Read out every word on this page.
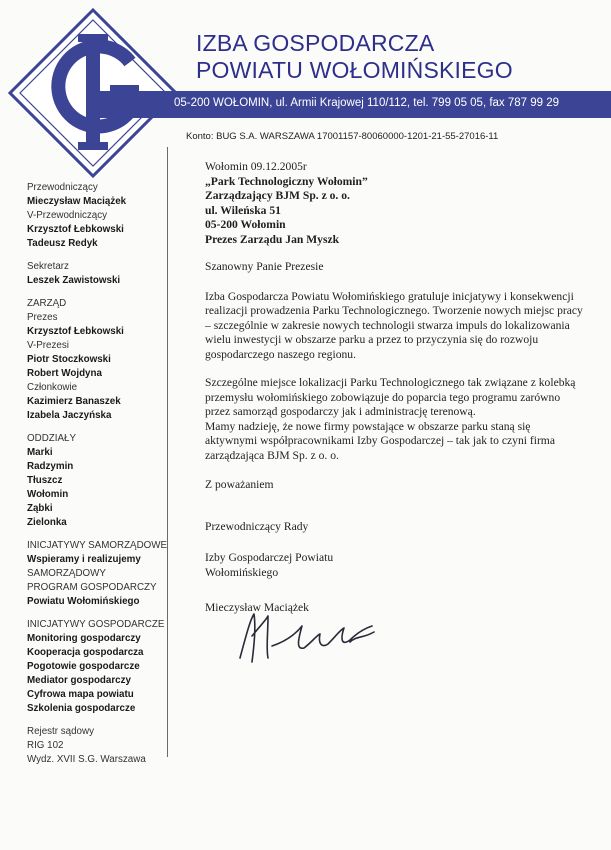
IZBA GOSPODARCZA
POWIATU WOŁOMIŃSKIEGO
05-200 WOŁOMIN, ul. Armii Krajowej 110/112, tel. 799 05 05, fax 787 99 29
Konto: BUG S.A. WARSZAWA 17001157-80060000-1201-21-55-27016-11
Przewodniczący
Mieczysław Maciążek
V-Przewodniczący
Krzysztof Łebkowski
Tadeusz Redyk
Sekretarz
Leszek Zawistowski
ZARZĄD
Prezes
Krzysztof Łebkowski
V-Prezesi
Piotr Stoczkowski
Robert Wojdyna
Członkowie
Kazimierz Banaszek
Izabela Jaczyńska
ODDZIAŁY
Marki
Radzymin
Tłuszcz
Wołomin
Ząbki
Zielonka
INICJATYWY SAMORZĄDOWE
Wspieramy i realizujemy
SAMORZĄDOWY
PROGRAM GOSPODARCZY
Powiatu Wołomińskiego
INICJATYWY GOSPODARCZE
Monitoring gospodarczy
Kooperacja gospodarcza
Pogotowie gospodarcze
Mediator gospodarczy
Cyfrowa mapa powiatu
Szkolenia gospodarcze
Rejestr sądowy
RIG 102
Wydz. XVII S.G. Warszawa
Wołomin 09.12.2005r
„Park Technologiczny Wołomin”
Zarządzający BJM Sp. z o. o.
ul. Wileńska 51
05-200 Wołomin
Prezes Zarządu Jan Myszk

Szanowny Panie Prezesie

Izba Gospodarcza Powiatu Wołomińskiego gratuluje inicjatywy i konsekwencji realizacji prowadzenia Parku Technologicznego. Tworzenie nowych miejsc pracy – szczególnie w zakresie nowych technologii stwarza impuls do lokalizowania wielu inwestycji w obszarze parku a przez to przyczynia się do rozwoju gospodarczego naszego regionu.

Szczególne miejsce lokalizacji Parku Technologicznego tak związane z kolebką przemysłu wołomińskiego zobowiązuje do poparcia tego programu zarówno przez samorząd gospodarczy jak i administrację terenową.

Mamy nadzieję, że nowe firmy powstające w obszarze parku staną się aktywnymi współpracownikami Izby Gospodarczej – tak jak to czyni firma zarządzająca BJM Sp. z o. o.

Z poważaniem

Przewodniczący Rady

Izby Gospodarczej Powiatu

Wołomińskiego

Mieczysław Maciążek
